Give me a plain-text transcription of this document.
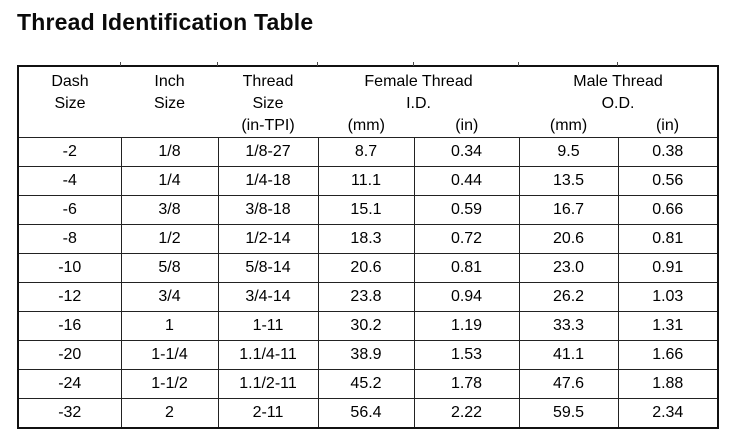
Thread Identification Table
Dash
Size

Inch
Size

Thread
Size
(in-TPI)

Female Thread
I.D.
(mm)	(in)

Male Thread
O.D.
(mm)	(in)

-2	1/8	1/8-27	8.7	0.34	9.5	0.38
-4	1/4	1/4-18	11.1	0.44	13.5	0.56
-6	3/8	3/8-18	15.1	0.59	16.7	0.66
-8	1/2	1/2-14	18.3	0.72	20.6	0.81
-10	5/8	5/8-14	20.6	0.81	23.0	0.91
-12	3/4	3/4-14	23.8	0.94	26.2	1.03
-16	1	1-11	30.2	1.19	33.3	1.31
-20	1-1/4	1.1/4-11	38.9	1.53	41.1	1.66
-24	1-1/2	1.1/2-11	45.2	1.78	47.6	1.88
-32	2	2-11	56.4	2.22	59.5	2.34
